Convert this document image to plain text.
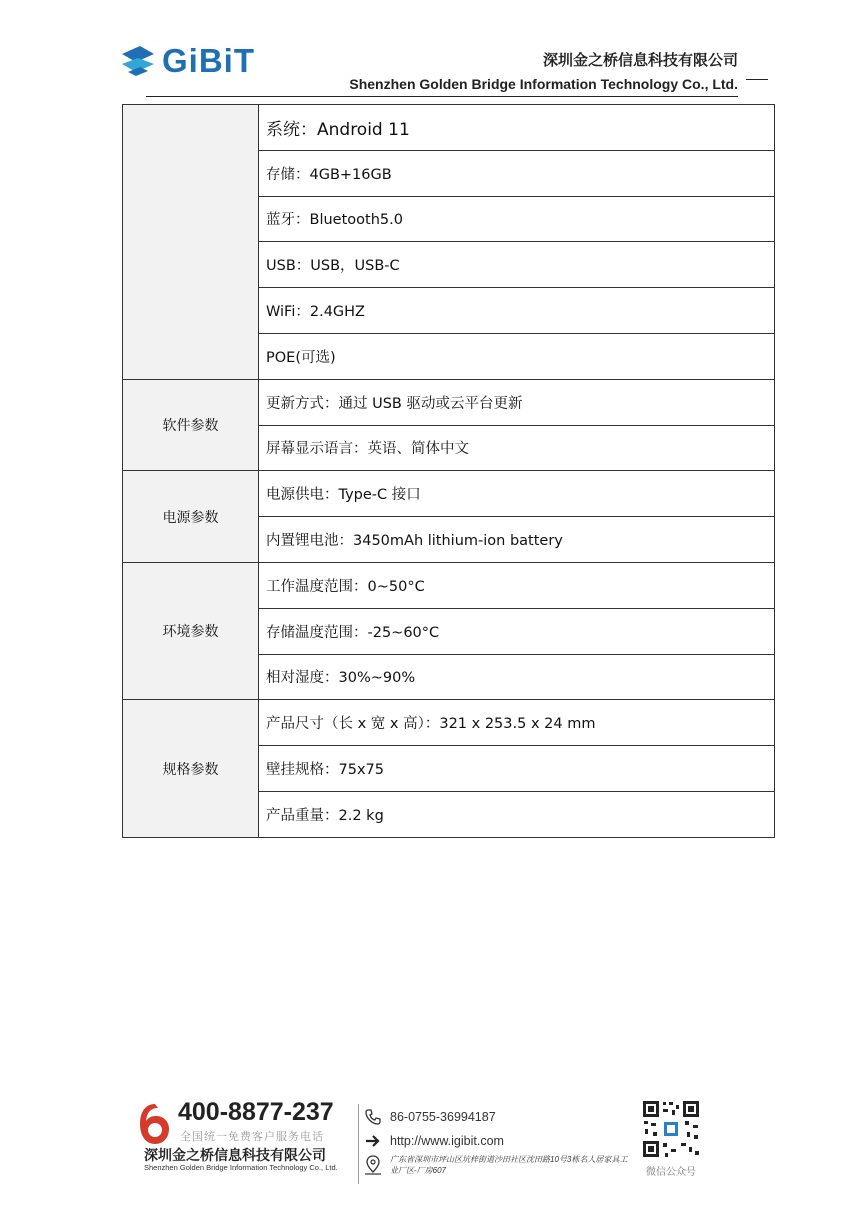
GiBiT	深圳金之桥信息科技有限公司
Shenzhen Golden Bridge Information Technology Co., Ltd.
	系统：Android 11
	存储：4GB+16GB
	蓝牙：Bluetooth5.0
	USB：USB，USB-C
	WiFi：2.4GHZ
	POE(可选)
软件参数	更新方式：通过 USB 驱动或云平台更新
	屏幕显示语言：英语、简体中文
电源参数	电源供电：Type-C 接口
	内置锂电池：3450mAh lithium-ion battery
环境参数	工作温度范围：0~50°C
	存储温度范围：-25~60°C
	相对湿度：30%~90%
规格参数	产品尺寸（长 x 宽 x 高）：321 x 253.5 x 24 mm
	壁挂规格：75x75
	产品重量：2.2 kg
400-8877-237
全国统一免费客户服务电话
深圳金之桥信息科技有限公司
Shenzhen Golden Bridge Information Technology Co., Ltd.
86-0755-36994187
http://www.igibit.com
广东省深圳市坪山区坑梓街道沙田社区沈田路10号3栋名人居家具工业厂区-厂房607	微信公众号
